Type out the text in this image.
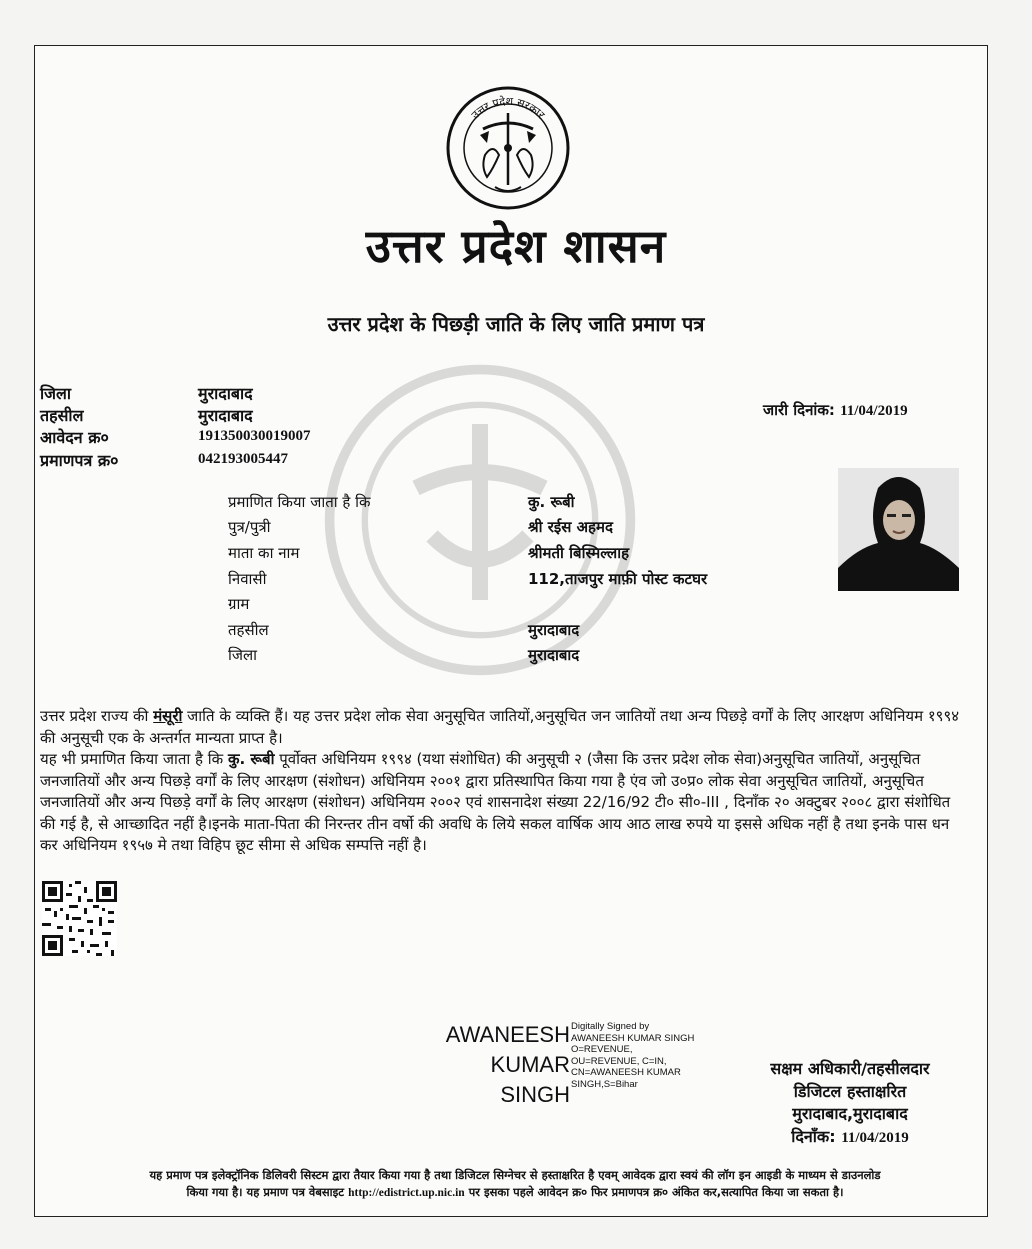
उत्तर प्रदेश सरकार
उत्तर प्रदेश शासन
उत्तर प्रदेश के पिछड़ी जाति के लिए जाति प्रमाण पत्र
जिला	मुरादाबाद
तहसील	मुरादाबाद
आवेदन क्र०	191350030019007
प्रमाणपत्र क्र०	042193005447
जारी दिनांक: 11/04/2019
प्रमाणित किया जाता है कि	कु. रूबी
पुत्र/पुत्री	श्री रईस अहमद
माता का नाम	श्रीमती बिस्मिल्लाह
निवासी	112,ताजपुर माफ़ी पोस्ट कटघर
ग्राम
तहसील	मुरादाबाद
जिला	मुरादाबाद

उत्तर प्रदेश राज्य की मंसूरी जाति के व्यक्ति हैं। यह उत्तर प्रदेश लोक सेवा अनुसूचित जातियों,अनुसूचित जन जातियों तथा अन्य पिछड़े वर्गों के लिए आरक्षण अधिनियम १९९४ की अनुसूची एक के अन्तर्गत मान्यता प्राप्त है।

यह भी प्रमाणित किया जाता है कि कु. रूबी पूर्वोक्त अधिनियम १९९४ (यथा संशोधित) की अनुसूची २ (जैसा कि उत्तर प्रदेश लोक सेवा)अनुसूचित जातियों, अनुसूचित जनजातियों और अन्य पिछड़े वर्गों के लिए आरक्षण (संशोधन) अधिनियम २००१ द्वारा प्रतिस्थापित किया गया है एंव जो उ०प्र० लोक सेवा अनुसूचित जातियों, अनुसूचित जनजातियों और अन्य पिछड़े वर्गों के लिए आरक्षण (संशोधन) अधिनियम २००२ एवं शासनादेश संख्या 22/16/92 टी० सी०-III , दिनाँक २० अक्टुबर २००८ द्वारा संशोधित की गई है, से आच्छादित नहीं है।इनके माता-पिता की निरन्तर तीन वर्षो की अवधि के लिये सकल वार्षिक आय आठ लाख रुपये या इससे अधिक नहीं है तथा इनके पास धन कर अधिनियम १९५७ मे तथा विहिप छूट सीमा से अधिक सम्पत्ति नहीं है।

AWANEESH
KUMAR
SINGH
Digitally Signed by
AWANEESH KUMAR SINGH
O=REVENUE,
OU=REVENUE, C=IN,
CN=AWANEESH KUMAR
SINGH,S=Bihar
सक्षम अधिकारी/तहसीलदार
डिजिटल हस्ताक्षरित
मुरादाबाद,मुरादाबाद
दिनाँक: 11/04/2019
यह प्रमाण पत्र इलेक्ट्रॉनिक डिलिवरी सिस्टम द्वारा तैयार किया गया है तथा डिजिटल सिग्नेचर से हस्ताक्षरित है एवम् आवेदक द्वारा स्वयं की लॉग इन आइडी के माध्यम से डाउनलोड
किया गया है। यह प्रमाण पत्र वेबसाइट http://edistrict.up.nic.in पर इसका पहले आवेदन क्र० फिर प्रमाणपत्र क्र० अंकित कर,सत्यापित किया जा सकता है।
